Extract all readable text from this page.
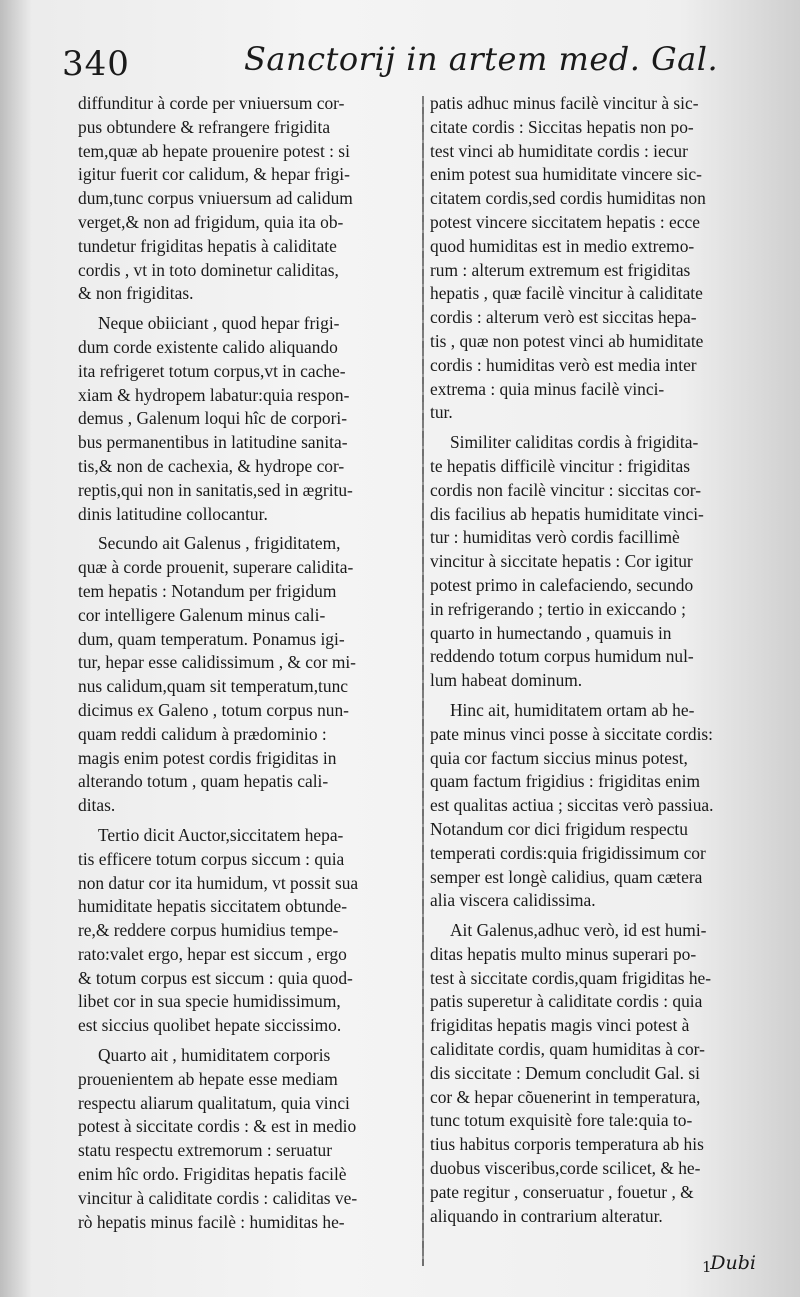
340	Sanctorij in artem med. Gal.
diffunditur à corde per vniuersum cor-
pus obtundere & refrangere frigidita
tem,quæ ab hepate prouenire potest : si
igitur fuerit cor calidum, & hepar frigi-
dum,tunc corpus vniuersum ad calidum
verget,& non ad frigidum, quia ita ob-
tundetur frigiditas hepatis à caliditate
cordis , vt in toto dominetur caliditas,
& non frigiditas.
Neque obiiciant , quod hepar frigi-
dum corde existente calido aliquando
ita refrigeret totum corpus,vt in cache-
xiam & hydropem labatur:quia respon-
demus , Galenum loqui hîc de corpori-
bus permanentibus in latitudine sanita-
tis,& non de cachexia, & hydrope cor-
reptis,qui non in sanitatis,sed in ægritu-
dinis latitudine collocantur.
Secundo ait Galenus , frigiditatem,
quæ à corde prouenit, superare calidita-
tem hepatis : Notandum per frigidum
cor intelligere Galenum minus cali-
dum, quam temperatum. Ponamus igi-
tur, hepar esse calidissimum , & cor mi-
nus calidum,quam sit temperatum,tunc
dicimus ex Galeno , totum corpus nun-
quam reddi calidum à prædominio :
magis enim potest cordis frigiditas in
alterando totum , quam hepatis cali-
ditas.
Tertio dicit Auctor,siccitatem hepa-
tis efficere totum corpus siccum : quia
non datur cor ita humidum, vt possit sua
humiditate hepatis siccitatem obtunde-
re,& reddere corpus humidius tempe-
rato:valet ergo, hepar est siccum , ergo
& totum corpus est siccum : quia quod-
libet cor in sua specie humidissimum,
est siccius quolibet hepate siccissimo.
Quarto ait , humiditatem corporis
prouenientem ab hepate esse mediam
respectu aliarum qualitatum, quia vinci
potest à siccitate cordis : & est in medio
statu respectu extremorum : seruatur
enim hîc ordo. Frigiditas hepatis facilè
vincitur à caliditate cordis : caliditas ve-
rò hepatis minus facilè : humiditas he-
patis adhuc minus facilè vincitur à sic-
citate cordis : Siccitas hepatis non po-
test vinci ab humiditate cordis : iecur
enim potest sua humiditate vincere sic-
citatem cordis,sed cordis humiditas non
potest vincere siccitatem hepatis : ecce
quod humiditas est in medio extremo-
rum : alterum extremum est frigiditas
hepatis , quæ facilè vincitur à caliditate
cordis : alterum verò est siccitas hepa-
tis , quæ non potest vinci ab humiditate
cordis : humiditas verò est media inter
extrema : quia minus facilè vinci-
tur.
Similiter caliditas cordis à frigidita-
te hepatis difficilè vincitur : frigiditas
cordis non facilè vincitur : siccitas cor-
dis facilius ab hepatis humiditate vinci-
tur : humiditas verò cordis facillimè
vincitur à siccitate hepatis : Cor igitur
potest primo in calefaciendo, secundo
in refrigerando ; tertio in exiccando ;
quarto in humectando , quamuis in
reddendo totum corpus humidum nul-
lum habeat dominum.
Hinc ait, humiditatem ortam ab he-
pate minus vinci posse à siccitate cordis:
quia cor factum siccius minus potest,
quam factum frigidius : frigiditas enim
est qualitas actiua ; siccitas verò passiua.
Notandum cor dici frigidum respectu
temperati cordis:quia frigidissimum cor
semper est longè calidius, quam cætera
alia viscera calidissima.
Ait Galenus,adhuc verò, id est humi-
ditas hepatis multo minus superari po-
test à siccitate cordis,quam frigiditas he-
patis superetur à caliditate cordis : quia
frigiditas hepatis magis vinci potest à
caliditate cordis, quam humiditas à cor-
dis siccitate : Demum concludit Gal. si
cor & hepar cõuenerint in temperatura,
tunc totum exquisitè fore tale:quia to-
tius habitus corporis temperatura ab his
duobus visceribus,corde scilicet, & he-
pate regitur , conseruatur , fouetur , &
aliquando in contrarium alteratur.
1
Dubi
